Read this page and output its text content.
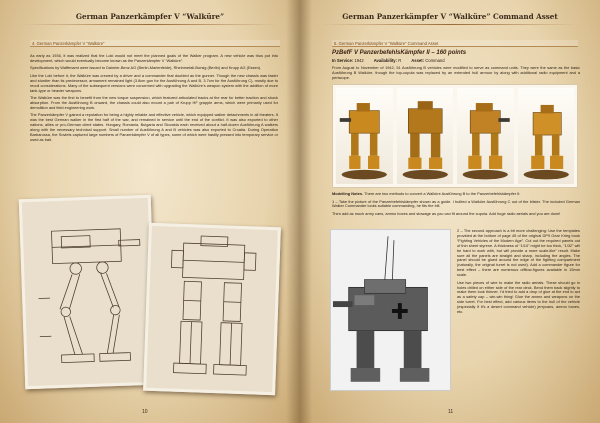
German Panzerkämpfer V “Walküre”
4. German Panzerkämpfer V “Walküre”

As early as 1936, it was realized that the Loki would not meet the planned goals of the Walker program. A new vehicle was thus put into development, which would eventually become known as the Panzerkämpfer V “Walküre”.

Specifications by Waffenamt were issued to Daimler-Benz AG (Berlin-Marienfelde), Rheinmetall-Borsig (Berlin) and Krupp AG (Essen).

Like the Loki before it, the Walküre was crewed by a driver and a commander that doubled as the gunner. Though the new chassis was faster and sturdier than its predecessor, armament remained light (3.8cm gun for the Ausführung A and B, 3.7cm for the Ausführung C), mostly due to recoil considerations. Many of the subsequent versions were concerned with upgrading the Walküre’s weapon system with the addition of more tank-type or heavier weapons.

The Walküre was the first to benefit from the new torque suspension, which featured articulated tracks at the rear for better traction and shock absorption. From the Ausführung B onward, the chassis could also mount a pair of Krupp HF grapple arms, which were primarily used for demolition and field engineering work.

The Panzerkämpfer V gained a reputation for being a highly reliable and effective vehicle, which equipped walker detachments in all theaters. It was the best German walker in the first half of the war, and remained in service until the end of the conflict. It was also exported to other nations, allies or pro-German client states. Hungary, Romania, Bulgaria and Slovakia each received about a half-dozen Ausführung A walkers along with the necessary technical support. Small number of Ausführung A and B vehicles was also exported to Croatia. During Operation Barbarossa, the Soviets captured large numbers of Panzerkämpfer V of all types, some of which were hastily pressed into temporary service or used as bait.

10
German Panzerkämpfer V “Walküre” Command Asset
5. German Panzerkämpfer V “Walküre” Command Asset
PzBefF V PanzerbefehlsKämpfer II – 160 points
In Service: 1942 Availability: R Asset: Command

From August to November of 1942, 51 Ausführung B vehicles were modified to serve as command units. They were the same as the basic Ausführung B Walküre, though the top-cupola was replaced by an extended hull armour by along with additional radio equipment and a periscope.

Modelling Notes. There are two methods to convert a Walküre Ausführung B to the Panzerbefehlskämpfer II:

1 – Take the picture of the Panzerbefehlskämpfer shown as a guide. I builted a Walküre Ausführung C out of the blister. The included German Walker Commander looks suitable commanding, he fits the bill.

Then add as much army cans, ammo boxes and stowage as you can fit around the cupola. Add huge radio aerials and you are done!

2 – The second approach is a bit more challenging: Use the templates provided at the bottom of page 45 of the original DP9 Gear Krieg book “Fighting Vehicles of the Modern Age”. Cut out the required panels out of thin sheet styrene. A thickness of “1/10” might be too thick, “1/32” will be hard to work with, but will provide a more scale-like” result. Make sure all the panels are straight and sharp, including the angles. The panel should be glued around the edge of the fighting compartment (naturally, the original turret is not used). Add a commander figure for best effect – there are numerous offflow-figures available in 15mm scale.

Use two pieces of wire to make the radio aerials. These should go in holes drilled on either side of the rear deck. Bend them back slightly to make them look thinner. I’d tried to add a drop of glue at the end to act as a safety cap – win-win thing! Glue the ammo and weapons on the side turret. For best effect, add various items to the hull of the vehicle (especially if it’s a desert command vehicle) jerrycans, ammo boxes, etc.

11
